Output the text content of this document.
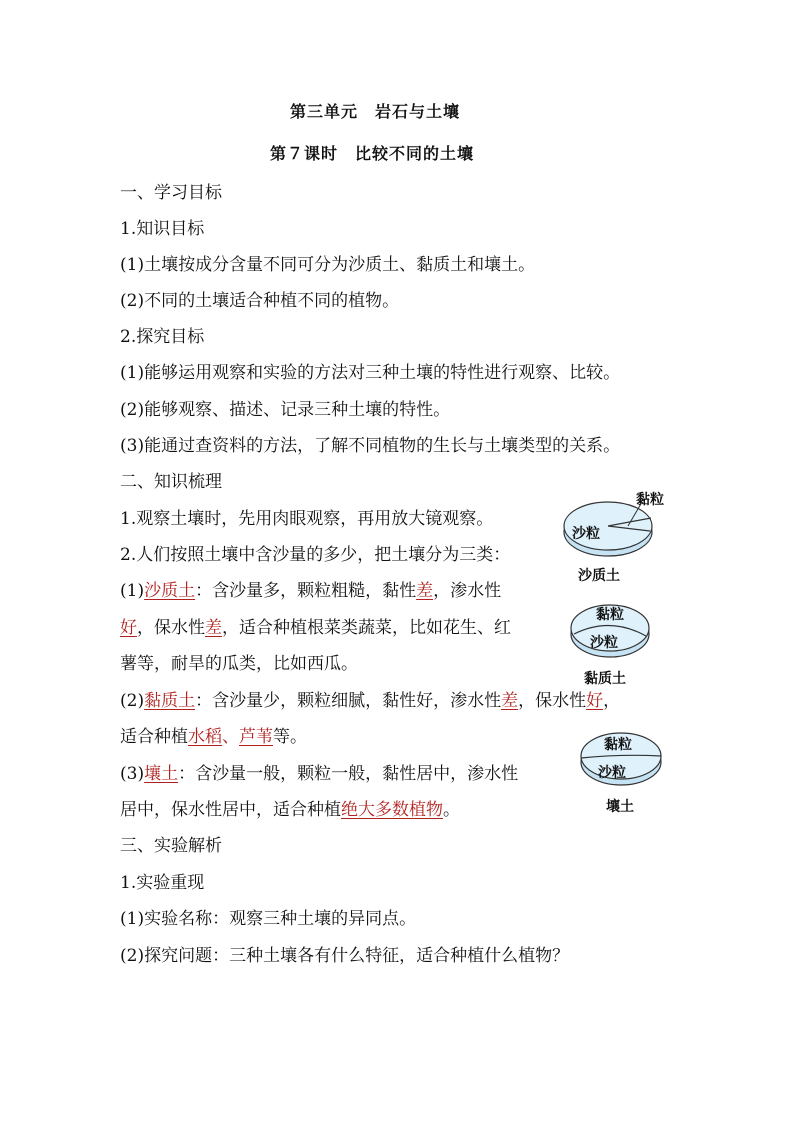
第三单元　岩石与土壤
第７课时　比较不同的土壤
一、学习目标
1.知识目标
(1)土壤按成分含量不同可分为沙质土、黏质土和壤土。
(2)不同的土壤适合种植不同的植物。
2.探究目标
(1)能够运用观察和实验的方法对三种土壤的特性进行观察、比较。
(2)能够观察、描述、记录三种土壤的特性。
(3)能通过查资料的方法，了解不同植物的生长与土壤类型的关系。
二、知识梳理
1.观察土壤时，先用肉眼观察，再用放大镜观察。
2.人们按照土壤中含沙量的多少，把土壤分为三类：
(1)沙质土：含沙量多，颗粒粗糙，黏性差，渗水性
好，保水性差，适合种植根菜类蔬菜，比如花生、红
薯等，耐旱的瓜类，比如西瓜。
(2)黏质土：含沙量少，颗粒细腻，黏性好，渗水性差，保水性好，
适合种植水稻、芦苇等。
(3)壤土：含沙量一般，颗粒一般，黏性居中，渗水性
居中，保水性居中，适合种植绝大多数植物。
三、实验解析
1.实验重现
(1)实验名称：观察三种土壤的异同点。
(2)探究问题：三种土壤各有什么特征，适合种植什么植物？
沙粒
黏粒
沙质土
黏粒
沙粒
黏质土
黏粒
沙粒
壤土
